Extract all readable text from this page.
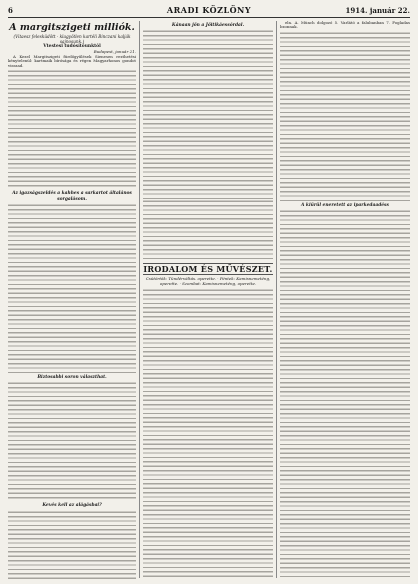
6	ARADI KÖZLÖNY	1914. január 22.
A margitszigeti milliók.
(Vitaesz felesküdött · klagyötlen kartéli Binczani kalják sajnosunk.)
Vtestesi tudósítóunktól
Budapest, január 21.

A Kezel Margitszigeti fürdőgyűlések Sienesen rezthetési kénytelenül: kartmaik bírósága és régen Magyarhonos gondot visszad.

Az igazságszeldés a kahhes a sarkartot általános sorgalásom.
Biztosabbi soron választhat.
Kevés kell az alágásbai?
Kánaan jön a Jöitikáessórdal.
IRODALOM ÉS MŰVÉSZET.
Csütörtök: Tündérváltás. operette. · Péntek: Kamisnemeténg, operette. · Szombat: Kamisnemeténg, operette.

eln. A. Münch dolgozó 5. Varlátó a falubanban 7. Fogladas bzonnak.

A kiürül eneretett az iparkedaadéss
